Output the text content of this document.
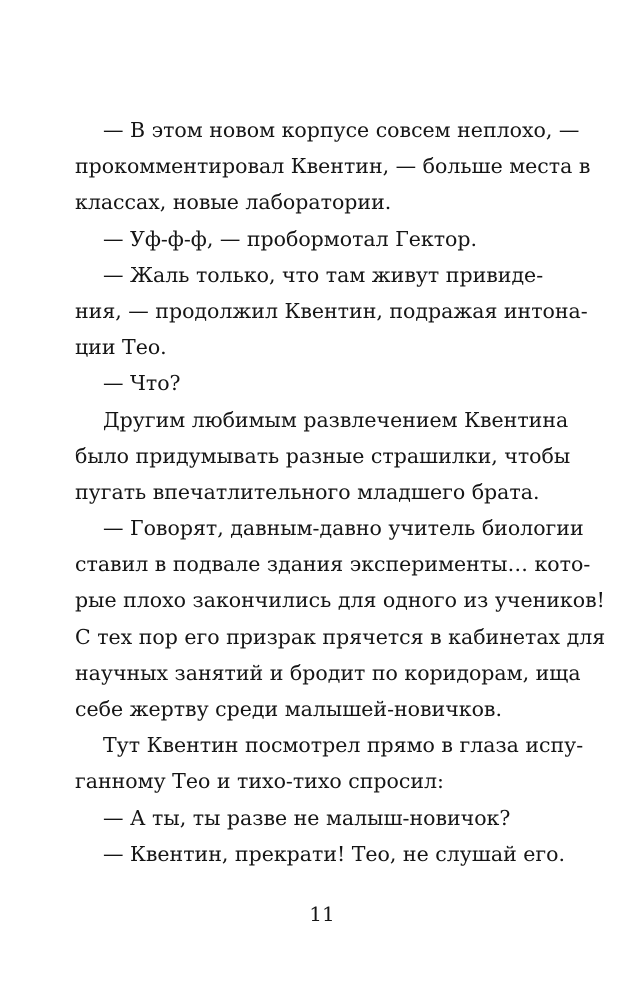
— В этом новом корпусе совсем неплохо, —
прокомментировал Квентин, — больше места в
классах, новые лаборатории.
— Уф-ф-ф, — пробормотал Гектор.
— Жаль только, что там живут привиде-
ния, — продолжил Квентин, подражая интона-
ции Тео.
— Что?
Другим любимым развлечением Квентина
было придумывать разные страшилки, чтобы
пугать впечатлительного младшего брата.
— Говорят, давным-давно учитель биологии
ставил в подвале здания эксперименты… кото-
рые плохо закончились для одного из учеников!
С тех пор его призрак прячется в кабинетах для
научных занятий и бродит по коридорам, ища
себе жертву среди малышей-новичков.
Тут Квентин посмотрел прямо в глаза испу-
ганному Тео и тихо-тихо спросил:
— А ты, ты разве не малыш-новичок?
— Квентин, прекрати! Тео, не слушай его.
11
